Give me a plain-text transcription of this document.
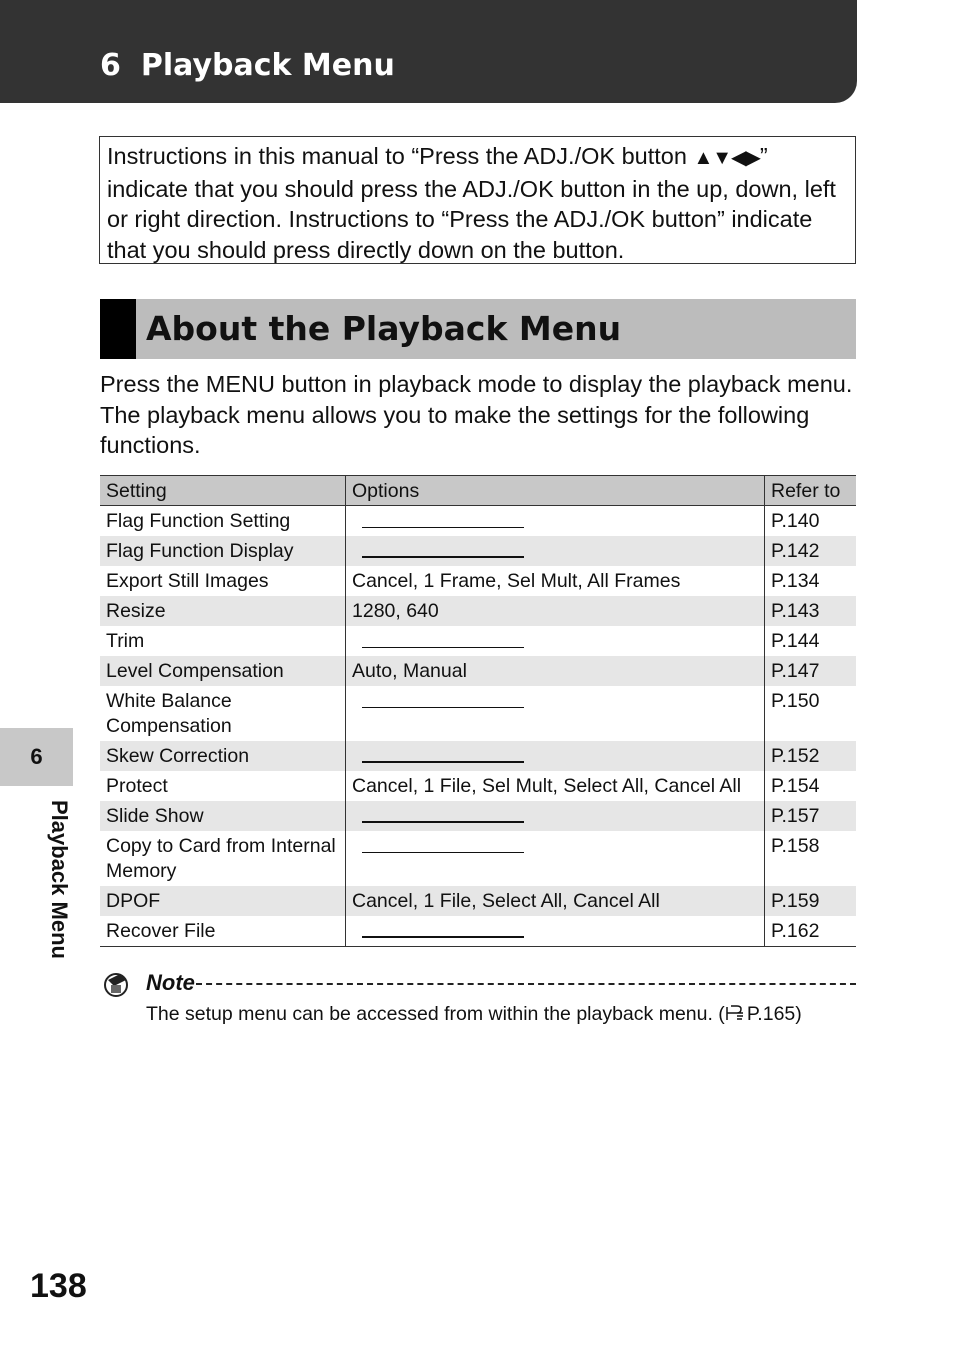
6 Playback Menu

Instructions in this manual to “Press the ADJ./OK button ▲▼◀▶” indicate that you should press the ADJ./OK button in the up, down, left or right direction. Instructions to “Press the ADJ./OK button” indicate that you should press directly down on the button.

About the Playback Menu

Press the MENU button in playback mode to display the playback menu. The playback menu allows you to make the settings for the following functions.

Setting	Options	Refer to
Flag Function Setting		P.140
Flag Function Display		P.142
Export Still Images	Cancel, 1 Frame, Sel Mult, All Frames	P.134
Resize	1280, 640	P.143
Trim		P.144
Level Compensation	Auto, Manual	P.147
White Balance Compensation		P.150
Skew Correction		P.152
Protect	Cancel, 1 File, Sel Mult, Select All, Cancel All	P.154
Slide Show		P.157
Copy to Card from Internal Memory		P.158
DPOF	Cancel, 1 File, Select All, Cancel All	P.159
Recover File		P.162
Note
The setup menu can be accessed from within the playback menu. ( P.165)
6
Playback Menu
138
